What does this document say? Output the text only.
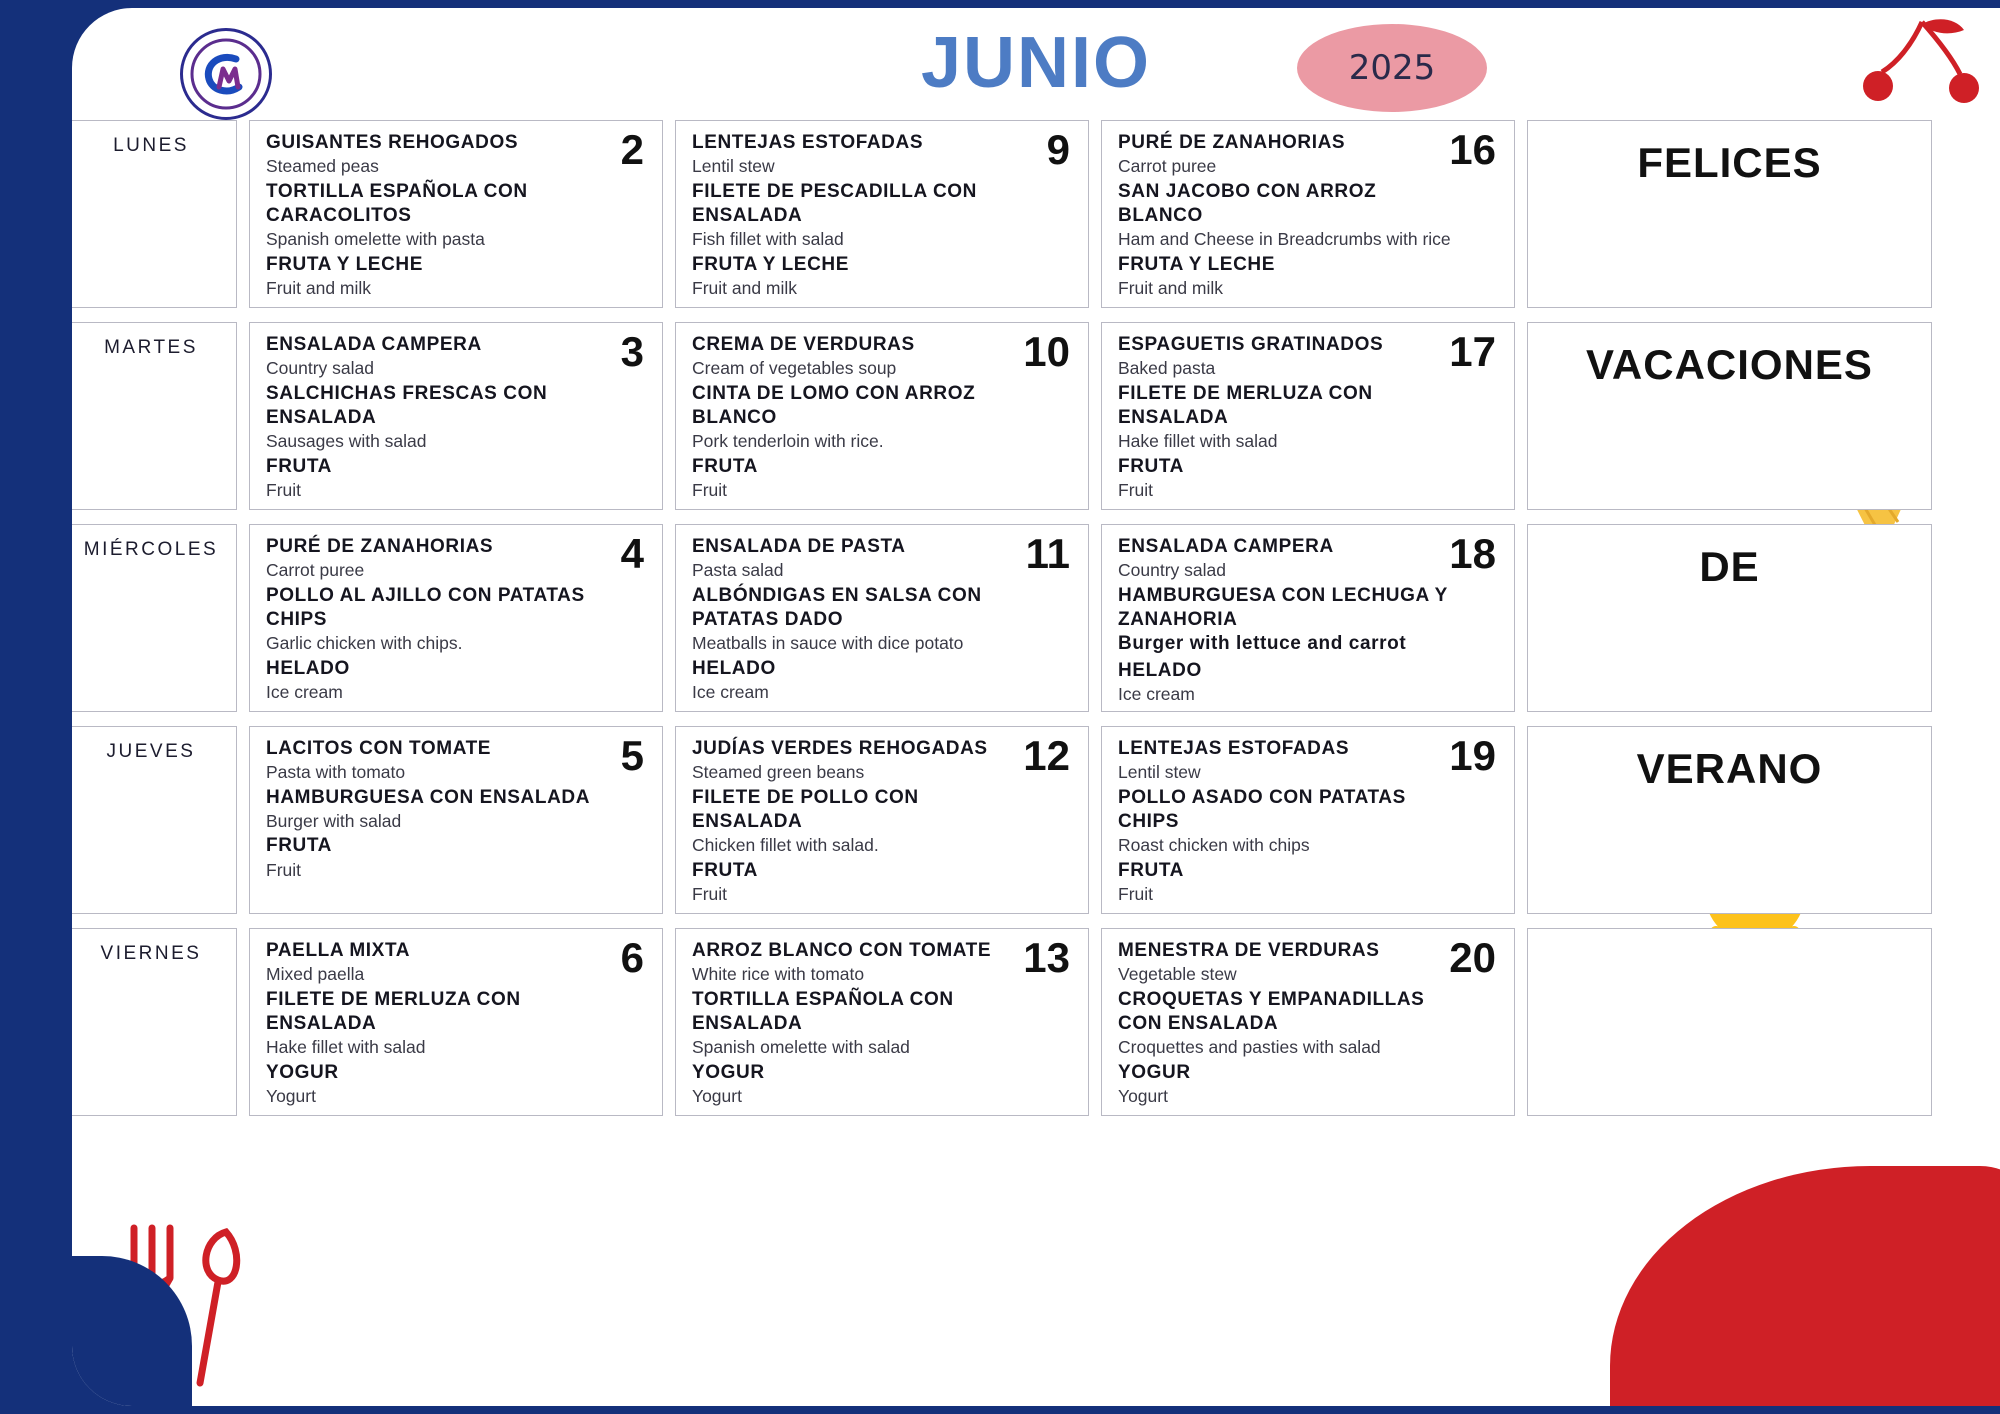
JUNIO	2025
LUNES	2
GUISANTES REHOGADOS
Steamed peas
TORTILLA ESPAÑOLA CON CARACOLITOS
Spanish omelette with pasta
FRUTA Y LECHE
Fruit and milk
9
LENTEJAS ESTOFADAS
Lentil stew
FILETE DE PESCADILLA CON ENSALADA
Fish fillet with salad
FRUTA Y LECHE
Fruit and milk
16
PURÉ DE ZANAHORIAS
Carrot puree
SAN JACOBO CON ARROZ BLANCO
Ham and Cheese in Breadcrumbs with rice
FRUTA Y LECHE
Fruit and milk
FELICES
MARTES	3
ENSALADA CAMPERA
Country salad
SALCHICHAS FRESCAS CON ENSALADA
Sausages with salad
FRUTA
Fruit
10
CREMA DE VERDURAS
Cream of vegetables soup
CINTA DE LOMO CON ARROZ BLANCO
Pork tenderloin with rice.
FRUTA
Fruit
17
ESPAGUETIS GRATINADOS
Baked pasta
FILETE DE MERLUZA CON ENSALADA
Hake fillet with salad
FRUTA
Fruit
VACACIONES
MIÉRCOLES	4
PURÉ DE ZANAHORIAS
Carrot puree
POLLO AL AJILLO CON PATATAS CHIPS
Garlic chicken with chips.
HELADO
Ice cream
11
ENSALADA DE PASTA
Pasta salad
ALBÓNDIGAS EN SALSA CON PATATAS DADO
Meatballs in sauce with dice potato
HELADO
Ice cream
18
ENSALADA CAMPERA
Country salad
HAMBURGUESA CON LECHUGA Y ZANAHORIA
Burger with lettuce and carrot
HELADO
Ice cream
DE
JUEVES	5
LACITOS CON TOMATE
Pasta with tomato
HAMBURGUESA CON ENSALADA
Burger with salad
FRUTA
Fruit
12
JUDÍAS VERDES REHOGADAS
Steamed green beans
FILETE DE POLLO CON ENSALADA
Chicken fillet with salad.
FRUTA
Fruit
19
LENTEJAS ESTOFADAS
Lentil stew
POLLO ASADO CON PATATAS CHIPS
Roast chicken with chips
FRUTA
Fruit
VERANO
VIERNES	6
PAELLA MIXTA
Mixed paella
FILETE DE MERLUZA CON ENSALADA
Hake fillet with salad
YOGUR
Yogurt
13
ARROZ BLANCO CON TOMATE
White rice with tomato
TORTILLA ESPAÑOLA CON ENSALADA
Spanish omelette with salad
YOGUR
Yogurt
20
MENESTRA DE VERDURAS
Vegetable stew
CROQUETAS Y EMPANADILLAS CON ENSALADA
Croquettes and pasties with salad
YOGUR
Yogurt
